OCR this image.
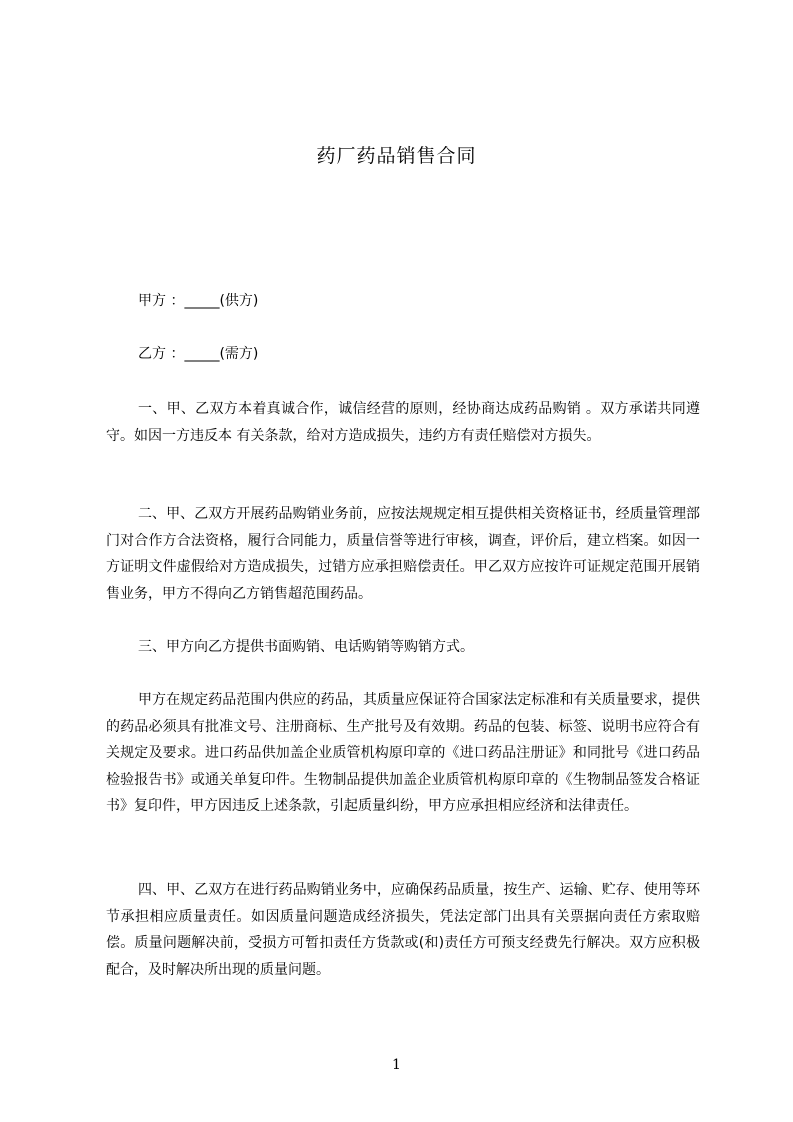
药厂药品销售合同
甲方 ：_____(供方)
乙方 ：_____(需方)

一、甲、乙双方本着真诚合作，诚信经营的原则，经协商达成药品购销 。双方承诺共同遵守。如因一方违反本 有关条款，给对方造成损失，违约方有责任赔偿对方损失。

二、甲、乙双方开展药品购销业务前，应按法规规定相互提供相关资格证书，经质量管理部门对合作方合法资格，履行合同能力，质量信誉等进行审核，调查，评价后，建立档案。如因一方证明文件虚假给对方造成损失，过错方应承担赔偿责任。甲乙双方应按许可证规定范围开展销售业务，甲方不得向乙方销售超范围药品。

三、甲方向乙方提供书面购销、电话购销等购销方式。

甲方在规定药品范围内供应的药品，其质量应保证符合国家法定标准和有关质量要求，提供的药品必须具有批准文号、注册商标、生产批号及有效期。药品的包装、标签、说明书应符合有关规定及要求。进口药品供加盖企业质管机构原印章的《进口药品注册证》和同批号《进口药品检验报告书》或通关单复印件。生物制品提供加盖企业质管机构原印章的《生物制品签发合格证书》复印件，甲方因违反上述条款，引起质量纠纷，甲方应承担相应经济和法律责任。

四、甲、乙双方在进行药品购销业务中，应确保药品质量，按生产、运输、贮存、使用等环节承担相应质量责任。如因质量问题造成经济损失，凭法定部门出具有关票据向责任方索取赔偿。质量问题解决前，受损方可暂扣责任方货款或(和)责任方可预支经费先行解决。双方应积极配合，及时解决所出现的质量问题。

1
